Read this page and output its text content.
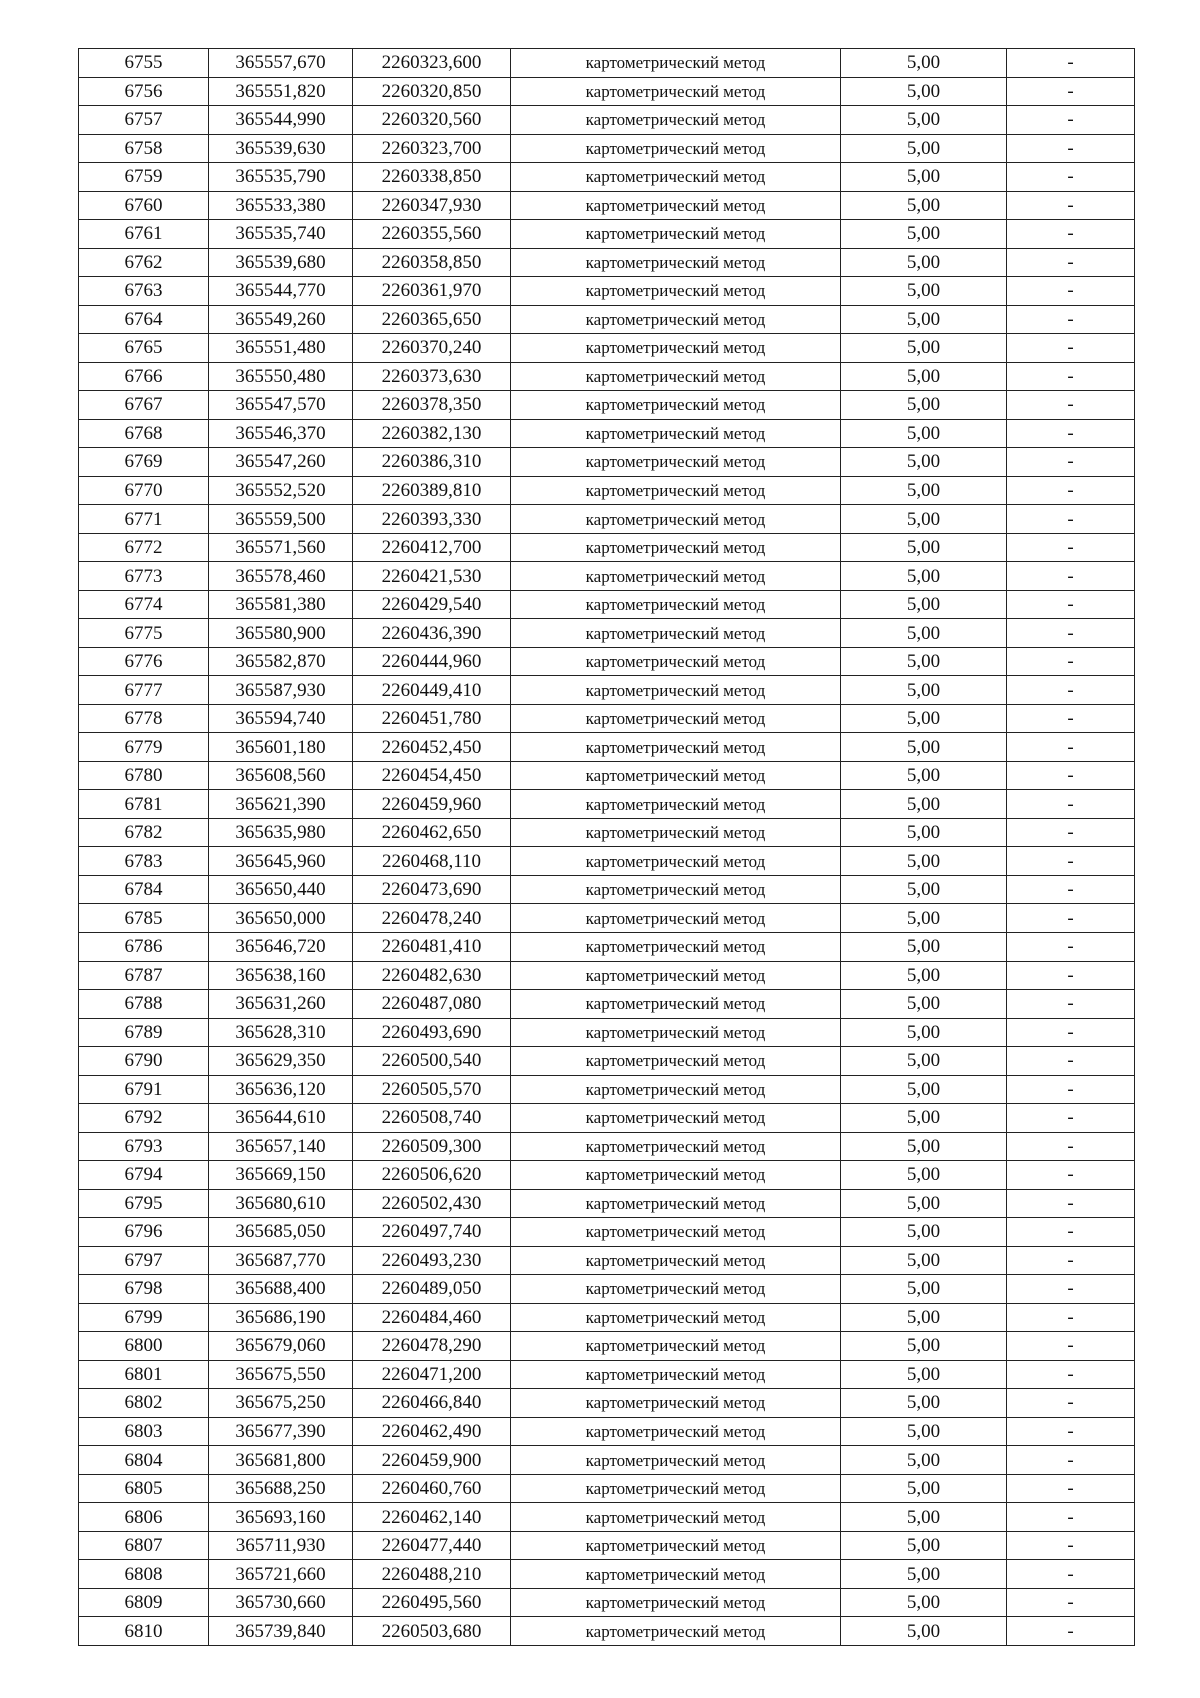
6755	365557,670	2260323,600	картометрический метод	5,00	-
6756	365551,820	2260320,850	картометрический метод	5,00	-
6757	365544,990	2260320,560	картометрический метод	5,00	-
6758	365539,630	2260323,700	картометрический метод	5,00	-
6759	365535,790	2260338,850	картометрический метод	5,00	-
6760	365533,380	2260347,930	картометрический метод	5,00	-
6761	365535,740	2260355,560	картометрический метод	5,00	-
6762	365539,680	2260358,850	картометрический метод	5,00	-
6763	365544,770	2260361,970	картометрический метод	5,00	-
6764	365549,260	2260365,650	картометрический метод	5,00	-
6765	365551,480	2260370,240	картометрический метод	5,00	-
6766	365550,480	2260373,630	картометрический метод	5,00	-
6767	365547,570	2260378,350	картометрический метод	5,00	-
6768	365546,370	2260382,130	картометрический метод	5,00	-
6769	365547,260	2260386,310	картометрический метод	5,00	-
6770	365552,520	2260389,810	картометрический метод	5,00	-
6771	365559,500	2260393,330	картометрический метод	5,00	-
6772	365571,560	2260412,700	картометрический метод	5,00	-
6773	365578,460	2260421,530	картометрический метод	5,00	-
6774	365581,380	2260429,540	картометрический метод	5,00	-
6775	365580,900	2260436,390	картометрический метод	5,00	-
6776	365582,870	2260444,960	картометрический метод	5,00	-
6777	365587,930	2260449,410	картометрический метод	5,00	-
6778	365594,740	2260451,780	картометрический метод	5,00	-
6779	365601,180	2260452,450	картометрический метод	5,00	-
6780	365608,560	2260454,450	картометрический метод	5,00	-
6781	365621,390	2260459,960	картометрический метод	5,00	-
6782	365635,980	2260462,650	картометрический метод	5,00	-
6783	365645,960	2260468,110	картометрический метод	5,00	-
6784	365650,440	2260473,690	картометрический метод	5,00	-
6785	365650,000	2260478,240	картометрический метод	5,00	-
6786	365646,720	2260481,410	картометрический метод	5,00	-
6787	365638,160	2260482,630	картометрический метод	5,00	-
6788	365631,260	2260487,080	картометрический метод	5,00	-
6789	365628,310	2260493,690	картометрический метод	5,00	-
6790	365629,350	2260500,540	картометрический метод	5,00	-
6791	365636,120	2260505,570	картометрический метод	5,00	-
6792	365644,610	2260508,740	картометрический метод	5,00	-
6793	365657,140	2260509,300	картометрический метод	5,00	-
6794	365669,150	2260506,620	картометрический метод	5,00	-
6795	365680,610	2260502,430	картометрический метод	5,00	-
6796	365685,050	2260497,740	картометрический метод	5,00	-
6797	365687,770	2260493,230	картометрический метод	5,00	-
6798	365688,400	2260489,050	картометрический метод	5,00	-
6799	365686,190	2260484,460	картометрический метод	5,00	-
6800	365679,060	2260478,290	картометрический метод	5,00	-
6801	365675,550	2260471,200	картометрический метод	5,00	-
6802	365675,250	2260466,840	картометрический метод	5,00	-
6803	365677,390	2260462,490	картометрический метод	5,00	-
6804	365681,800	2260459,900	картометрический метод	5,00	-
6805	365688,250	2260460,760	картометрический метод	5,00	-
6806	365693,160	2260462,140	картометрический метод	5,00	-
6807	365711,930	2260477,440	картометрический метод	5,00	-
6808	365721,660	2260488,210	картометрический метод	5,00	-
6809	365730,660	2260495,560	картометрический метод	5,00	-
6810	365739,840	2260503,680	картометрический метод	5,00	-
